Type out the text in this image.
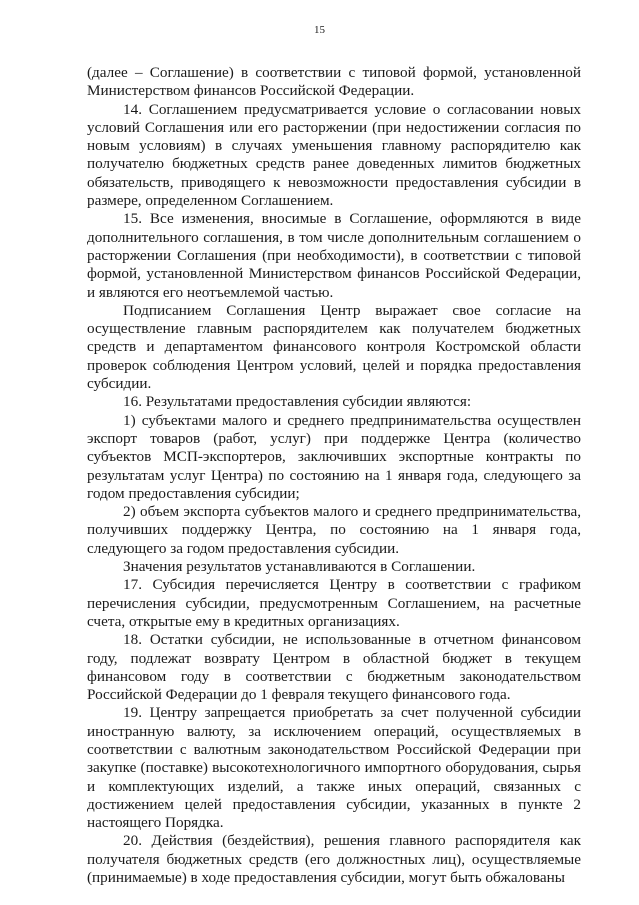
15

(далее – Соглашение) в соответствии с типовой формой, установленной Министерством финансов Российской Федерации.

14. Соглашением предусматривается условие о согласовании новых условий Соглашения или его расторжении (при недостижении согласия по новым условиям) в случаях уменьшения главному распорядителю как получателю бюджетных средств ранее доведенных лимитов бюджетных обязательств, приводящего к невозможности предоставления субсидии в размере, определенном Соглашением.

15. Все изменения, вносимые в Соглашение, оформляются в виде дополнительного соглашения, в том числе дополнительным соглашением о расторжении Соглашения (при необходимости), в соответствии с типовой формой, установленной Министерством финансов Российской Федерации, и являются его неотъемлемой частью.

Подписанием Соглашения Центр выражает свое согласие на осуществление главным распорядителем как получателем бюджетных средств и департаментом финансового контроля Костромской области проверок соблюдения Центром условий, целей и порядка предоставления субсидии.

16. Результатами предоставления субсидии являются:

1) субъектами малого и среднего предпринимательства осуществлен экспорт товаров (работ, услуг) при поддержке Центра (количество субъектов МСП-экспортеров, заключивших экспортные контракты по результатам услуг Центра) по состоянию на 1 января года, следующего за годом предоставления субсидии;

2) объем экспорта субъектов малого и среднего предпринимательства, получивших поддержку Центра, по состоянию на 1 января года, следующего за годом предоставления субсидии.

Значения результатов устанавливаются в Соглашении.

17. Субсидия перечисляется Центру в соответствии с графиком перечисления субсидии, предусмотренным Соглашением, на расчетные счета, открытые ему в кредитных организациях.

18. Остатки субсидии, не использованные в отчетном финансовом году, подлежат возврату Центром в областной бюджет в текущем финансовом году в соответствии с бюджетным законодательством Российской Федерации до 1 февраля текущего финансового года.

19. Центру запрещается приобретать за счет полученной субсидии иностранную валюту, за исключением операций, осуществляемых в соответствии с валютным законодательством Российской Федерации при закупке (поставке) высокотехнологичного импортного оборудования, сырья и комплектующих изделий, а также иных операций, связанных с достижением целей предоставления субсидии, указанных в пункте 2 настоящего Порядка.

20. Действия (бездействия), решения главного распорядителя как получателя бюджетных средств (его должностных лиц), осуществляемые (принимаемые) в ходе предоставления субсидии, могут быть обжалованы
